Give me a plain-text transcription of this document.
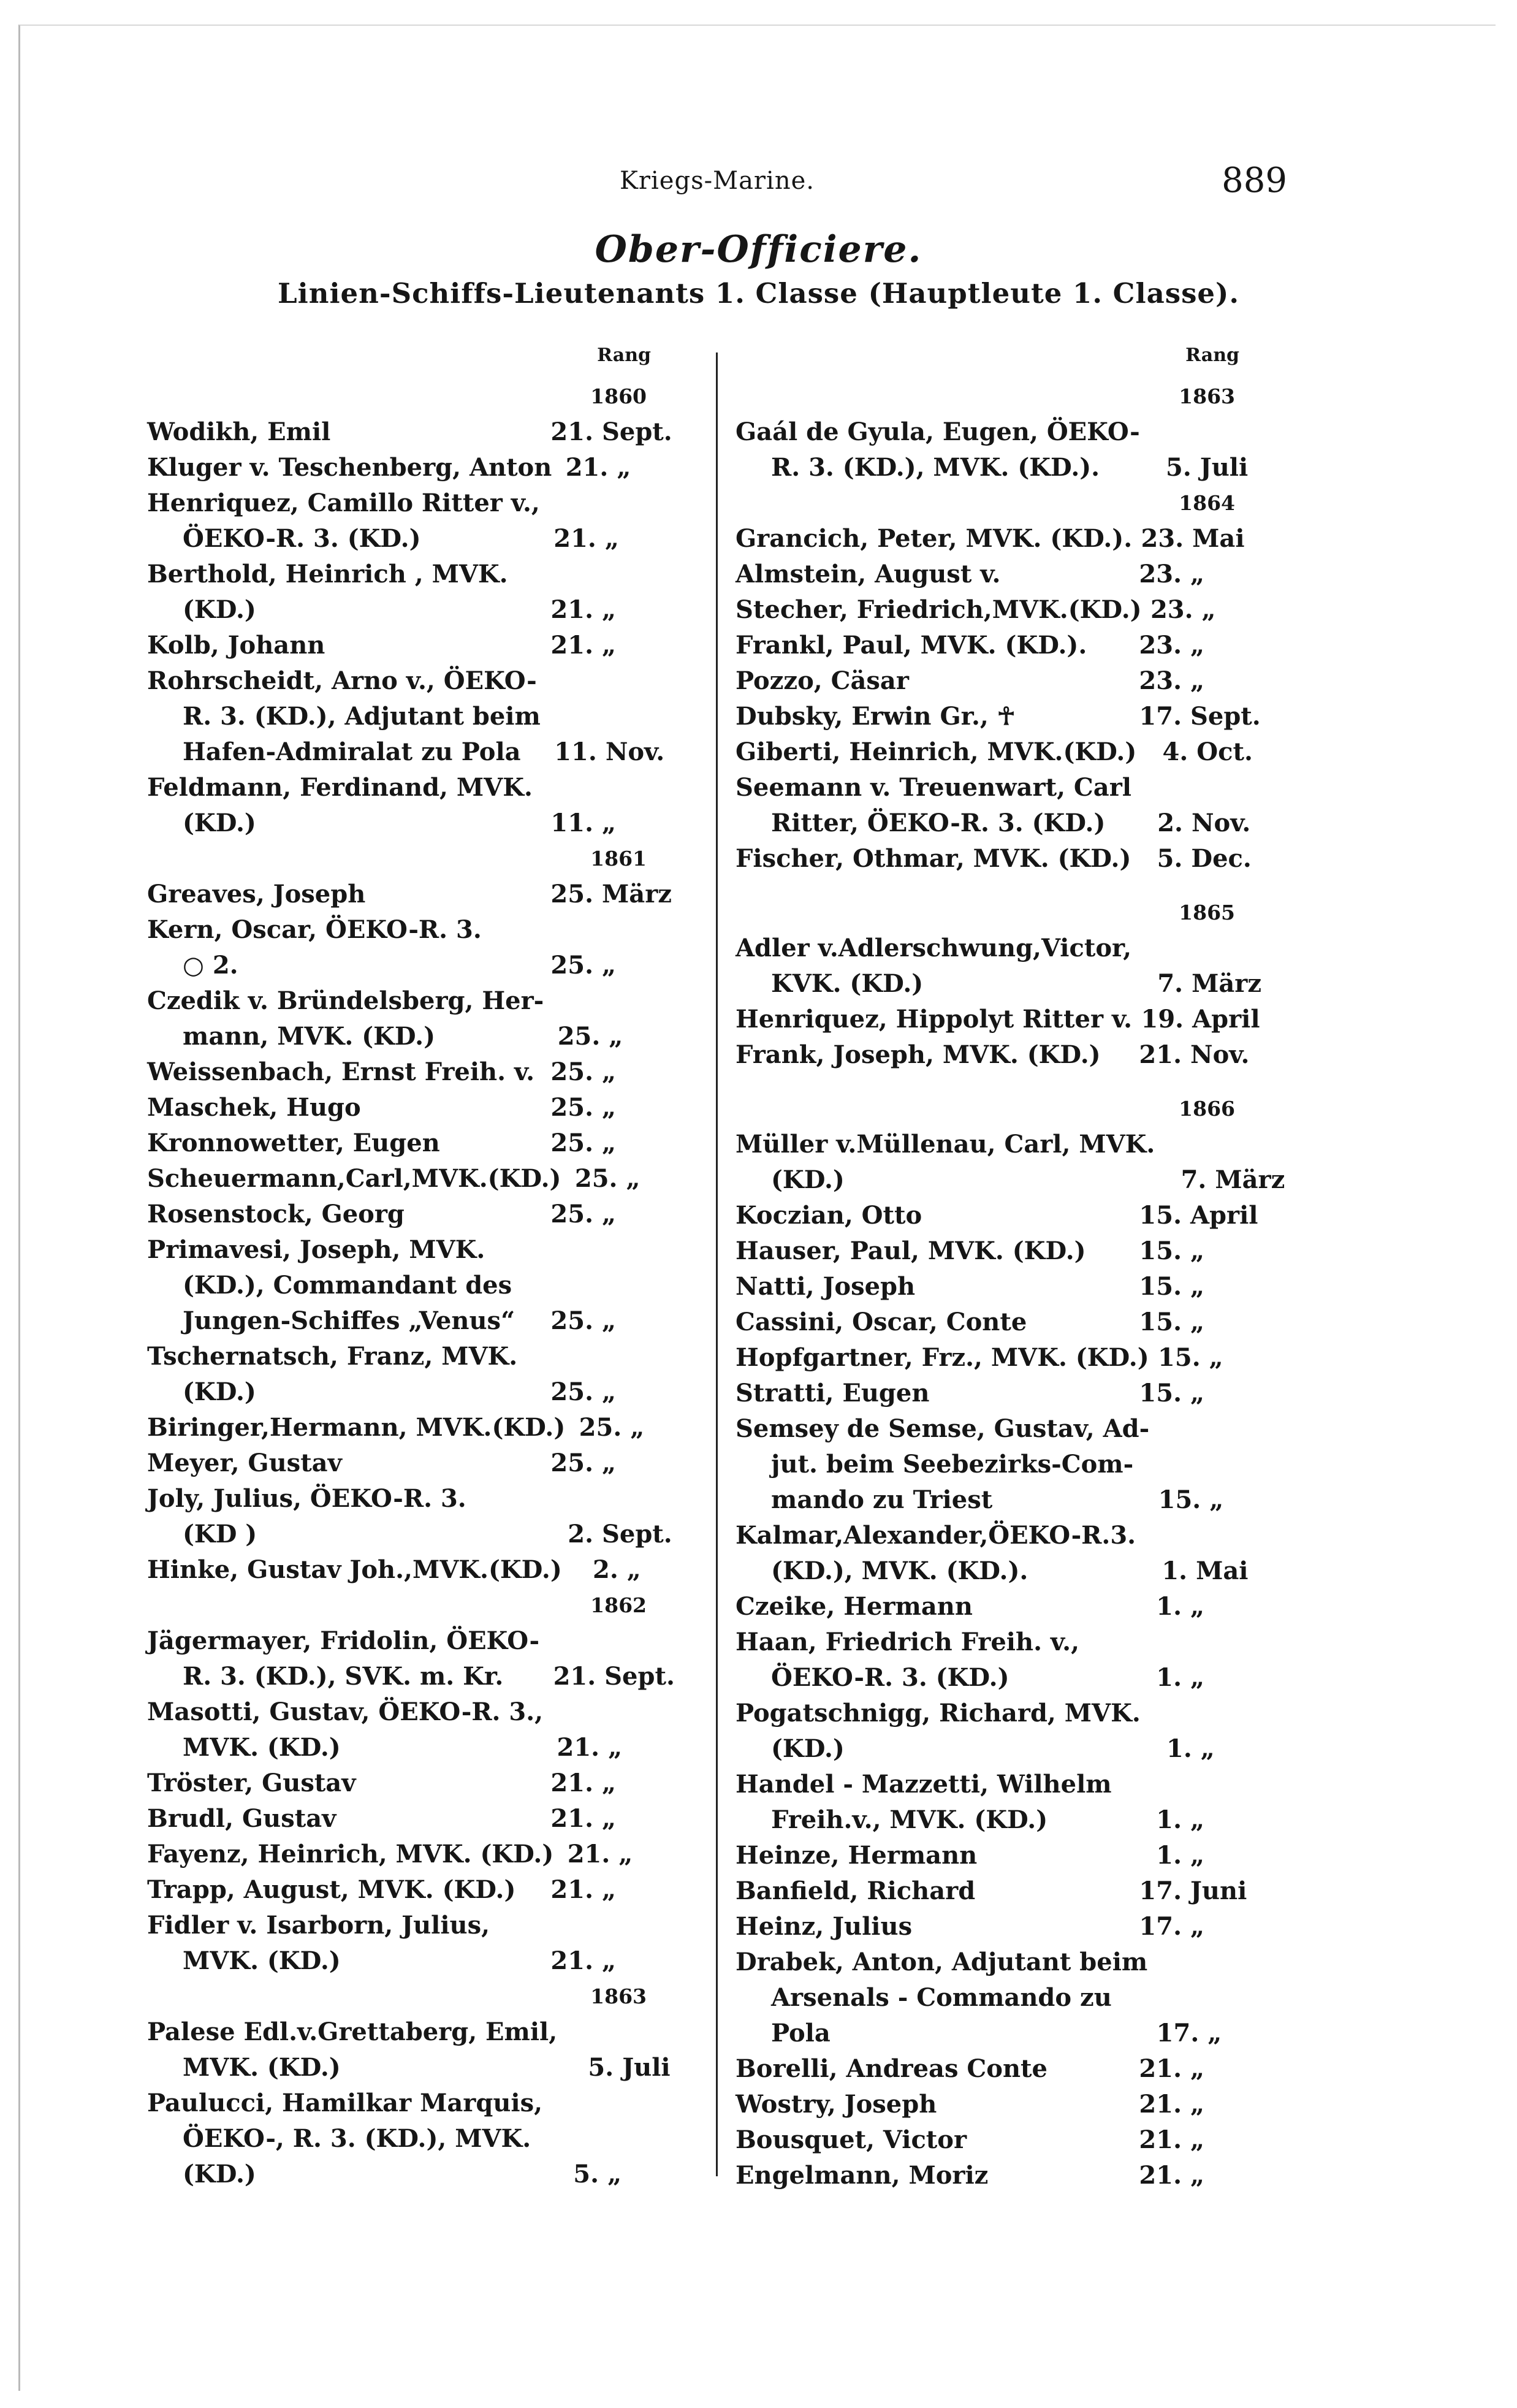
Kriegs-Marine.	889
Ober-Officiere.
Linien-Schiffs-Lieutenants 1. Classe (Hauptleute 1. Classe).
Rang
1860
Wodikh, Emil	21. Sept.
Kluger v. Teschenberg, Anton 21. „
Henriquez, Camillo Ritter v.,
ÖEKO-R. 3. (KD.)	21. „
Berthold, Heinrich , MVK.
(KD.)	21. „
Kolb, Johann	21. „
Rohrscheidt, Arno v., ÖEKO-
R. 3. (KD.), Adjutant beim
Hafen-Admiralat zu Pola	11. Nov.
Feldmann, Ferdinand, MVK.
(KD.)	11. „
1861
Greaves, Joseph	25. März
Kern, Oscar, ÖEKO-R. 3.
○ 2.	25. „
Czedik v. Bründelsberg, Her-
mann, MVK. (KD.)	25. „
Weissenbach, Ernst Freih. v. 25. „
Maschek, Hugo	25. „
Kronnowetter, Eugen	25. „
Scheuermann,Carl,MVK.(KD.) 25. „
Rosenstock, Georg	25. „
Primavesi, Joseph, MVK.
(KD.), Commandant des
Jungen-Schiffes „Venus“	25. „
Tschernatsch, Franz, MVK.
(KD.)	25. „
Biringer,Hermann, MVK.(KD.) 25. „
Meyer, Gustav	25. „
Joly, Julius, ÖEKO-R. 3.
(KD )	2. Sept.
Hinke, Gustav Joh.,MVK.(KD.)	2. „
1862
Jägermayer, Fridolin, ÖEKO-
R. 3. (KD.), SVK. m. Kr.	21. Sept.
Masotti, Gustav, ÖEKO-R. 3.,
MVK. (KD.)	21. „
Tröster, Gustav	21. „
Brudl, Gustav	21. „
Fayenz, Heinrich, MVK. (KD.) 21. „
Trapp, August, MVK. (KD.)	21. „
Fidler v. Isarborn, Julius,
MVK. (KD.)	21. „
1863
Palese Edl.v.Grettaberg, Emil,
MVK. (KD.)	5. Juli
Paulucci, Hamilkar Marquis,
ÖEKO-, R. 3. (KD.), MVK.
(KD.)	5. „
Rang
1863
Gaál de Gyula, Eugen, ÖEKO-
R. 3. (KD.), MVK. (KD.).	5. Juli
1864
Grancich, Peter, MVK. (KD.). 23. Mai
Almstein, August v.	23. „
Stecher, Friedrich,MVK.(KD.) 23. „
Frankl, Paul, MVK. (KD.).	23. „
Pozzo, Cäsar	23. „
Dubsky, Erwin Gr., ☥	17. Sept.
Giberti, Heinrich, MVK.(KD.)	4. Oct.
Seemann v. Treuenwart, Carl
Ritter, ÖEKO-R. 3. (KD.)	2. Nov.
Fischer, Othmar, MVK. (KD.)	5. Dec.
1865
Adler v.Adlerschwung,Victor,
KVK. (KD.)	7. März
Henriquez, Hippolyt Ritter v. 19. April
Frank, Joseph, MVK. (KD.)	21. Nov.
1866
Müller v.Müllenau, Carl, MVK.
(KD.)	7. März
Koczian, Otto	15. April
Hauser, Paul, MVK. (KD.)	15. „
Natti, Joseph	15. „
Cassini, Oscar, Conte	15. „
Hopfgartner, Frz., MVK. (KD.) 15. „
Stratti, Eugen	15. „
Semsey de Semse, Gustav, Ad-
jut. beim Seebezirks-Com-
mando zu Triest	15. „
Kalmar,Alexander,ÖEKO-R.3.
(KD.), MVK. (KD.).	1. Mai
Czeike, Hermann	1. „
Haan, Friedrich Freih. v.,
ÖEKO-R. 3. (KD.)	1. „
Pogatschnigg, Richard, MVK.
(KD.)	1. „
Handel - Mazzetti, Wilhelm
Freih.v., MVK. (KD.)	1. „
Heinze, Hermann	1. „
Banfield, Richard	17. Juni
Heinz, Julius	17. „
Drabek, Anton, Adjutant beim
Arsenals - Commando zu
Pola	17. „
Borelli, Andreas Conte	21. „
Wostry, Joseph	21. „
Bousquet, Victor	21. „
Engelmann, Moriz	21. „
